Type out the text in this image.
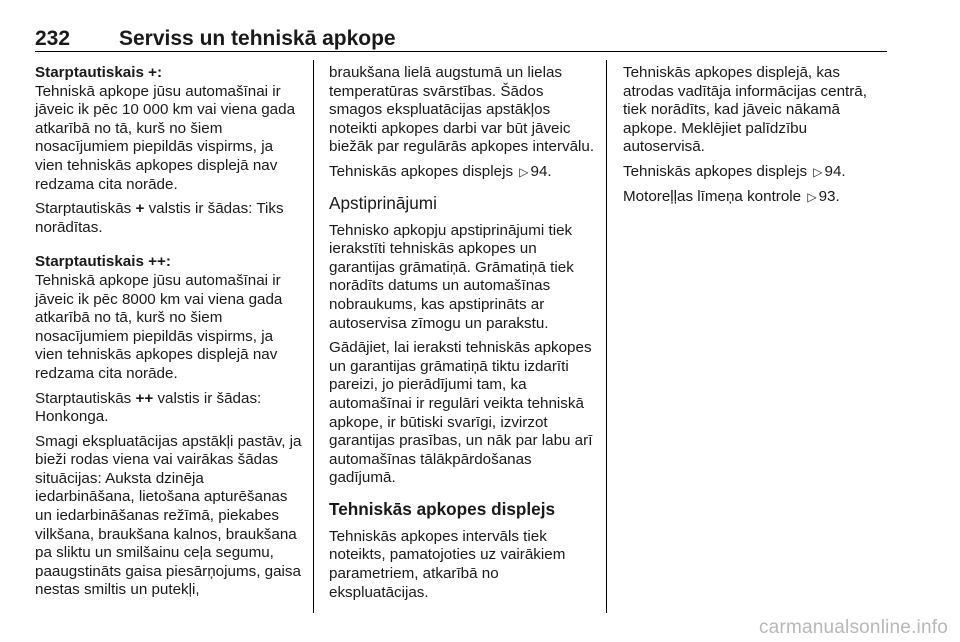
232 Serviss un tehniskā apkope

Starptautiskais +:

Tehniskā apkope jūsu automašīnai ir jāveic ik pēc 10 000 km vai viena gada atkarībā no tā, kurš no šiem nosacījumiem piepildās vispirms, ja vien tehniskās apkopes displejā nav redzama cita norāde.

Starptautiskās + valstis ir šādas: Tiks norādītas.

Starptautiskais ++:

Tehniskā apkope jūsu automašīnai ir jāveic ik pēc 8000 km vai viena gada atkarībā no tā, kurš no šiem nosacījumiem piepildās vispirms, ja vien tehniskās apkopes displejā nav redzama cita norāde.

Starptautiskās ++ valstis ir šādas: Honkonga.

Smagi ekspluatācijas apstākļi pastāv, ja bieži rodas viena vai vairākas šādas situācijas: Auksta dzinēja iedarbināšana, lietošana apturēšanas un iedarbināšanas režīmā, piekabes vilkšana, braukšana kalnos, braukšana pa sliktu un smilšainu ceļa segumu, paaugstināts gaisa piesārņojums, gaisa nestas smiltis un putekļi,

braukšana lielā augstumā un lielas temperatūras svārstības. Šādos smagos ekspluatācijas apstākļos noteikti apkopes darbi var būt jāveic biežāk par regulārās apkopes intervālu.

Tehniskās apkopes displejs ▷ 94.

Apstiprinājumi

Tehnisko apkopju apstiprinājumi tiek ierakstīti tehniskās apkopes un garantijas grāmatiņā. Grāmatiņā tiek norādīts datums un automašīnas nobraukums, kas apstiprināts ar autoservisa zīmogu un parakstu.

Gādājiet, lai ieraksti tehniskās apkopes un garantijas grāmatiņā tiktu izdarīti pareizi, jo pierādījumi tam, ka automašīnai ir regulāri veikta tehniskā apkope, ir būtiski svarīgi, izvirzot garantijas prasības, un nāk par labu arī automašīnas tālākpārdošanas gadījumā.

Tehniskās apkopes displejs

Tehniskās apkopes intervāls tiek noteikts, pamatojoties uz vairākiem parametriem, atkarībā no ekspluatācijas.

Tehniskās apkopes displejā, kas atrodas vadītāja informācijas centrā, tiek norādīts, kad jāveic nākamā apkope. Meklējiet palīdzību autoservisā.

Tehniskās apkopes displejs ▷ 94.

Motoreļļas līmeņa kontrole ▷ 93.

carmanualsonline.info
